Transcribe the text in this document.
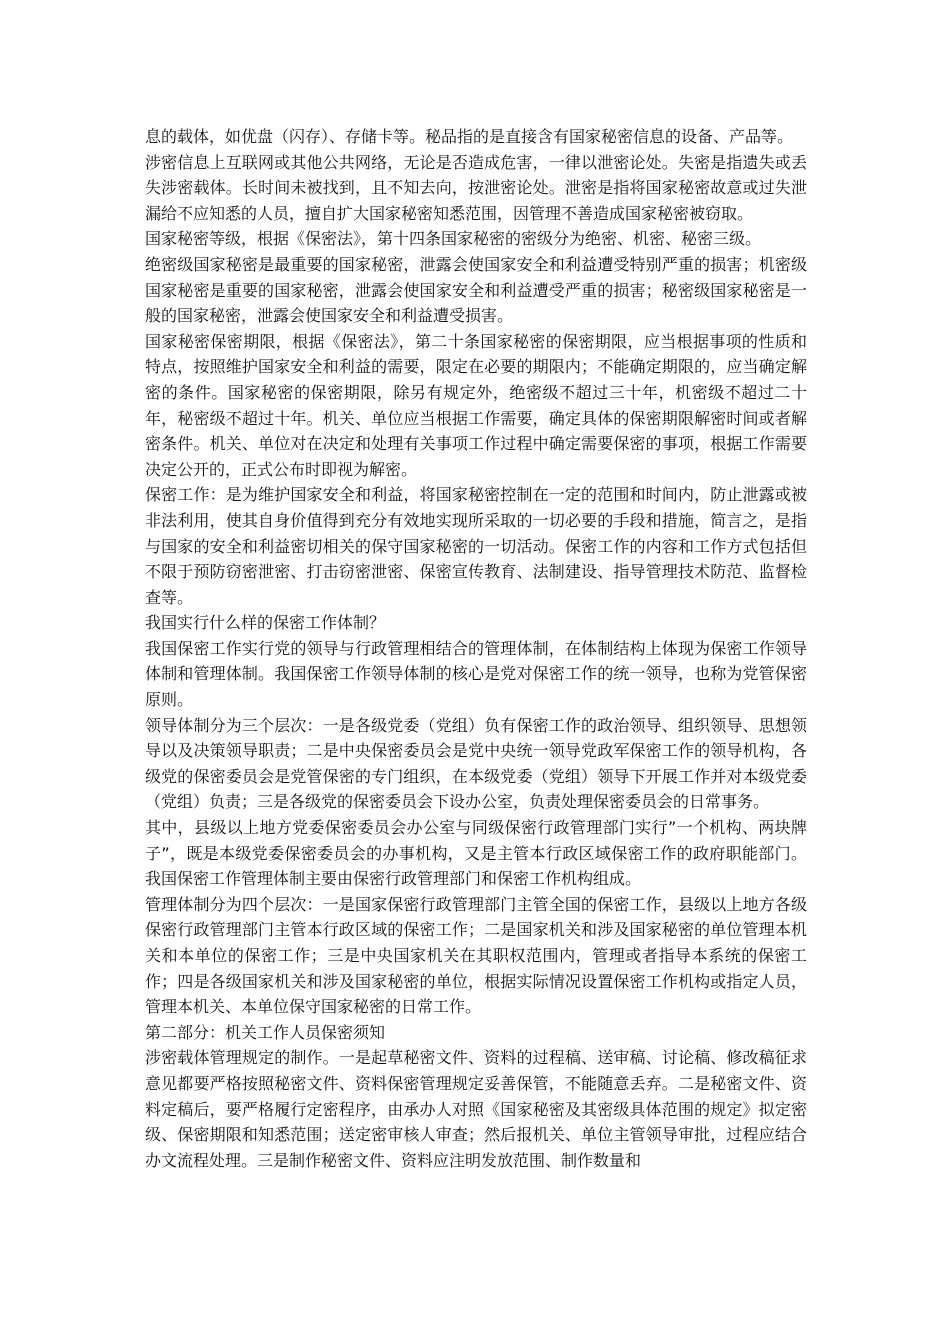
息的载体，如优盘（闪存）、存储卡等。秘品指的是直接含有国家秘密信息的设备、产品等。

涉密信息上互联网或其他公共网络，无论是否造成危害，一律以泄密论处。失密是指遗失或丢失涉密载体。长时间未被找到，且不知去向，按泄密论处。泄密是指将国家秘密故意或过失泄漏给不应知悉的人员，擅自扩大国家秘密知悉范围，因管理不善造成国家秘密被窃取。

国家秘密等级，根据《保密法》，第十四条国家秘密的密级分为绝密、机密、秘密三级。

绝密级国家秘密是最重要的国家秘密，泄露会使国家安全和利益遭受特别严重的损害；机密级国家秘密是重要的国家秘密，泄露会使国家安全和利益遭受严重的损害；秘密级国家秘密是一般的国家秘密，泄露会使国家安全和利益遭受损害。

国家秘密保密期限，根据《保密法》，第二十条国家秘密的保密期限，应当根据事项的性质和特点，按照维护国家安全和利益的需要，限定在必要的期限内；不能确定期限的，应当确定解密的条件。国家秘密的保密期限，除另有规定外，绝密级不超过三十年，机密级不超过二十年，秘密级不超过十年。机关、单位应当根据工作需要，确定具体的保密期限解密时间或者解密条件。机关、单位对在决定和处理有关事项工作过程中确定需要保密的事项，根据工作需要决定公开的，正式公布时即视为解密。

保密工作：是为维护国家安全和利益，将国家秘密控制在一定的范围和时间内，防止泄露或被非法利用，使其自身价值得到充分有效地实现所采取的一切必要的手段和措施，简言之，是指与国家的安全和利益密切相关的保守国家秘密的一切活动。保密工作的内容和工作方式包括但不限于预防窃密泄密、打击窃密泄密、保密宣传教育、法制建设、指导管理技术防范、监督检查等。

我国实行什么样的保密工作体制？

我国保密工作实行党的领导与行政管理相结合的管理体制，在体制结构上体现为保密工作领导体制和管理体制。我国保密工作领导体制的核心是党对保密工作的统一领导，也称为党管保密原则。

领导体制分为三个层次：一是各级党委（党组）负有保密工作的政治领导、组织领导、思想领导以及决策领导职责；二是中央保密委员会是党中央统一领导党政军保密工作的领导机构，各级党的保密委员会是党管保密的专门组织，在本级党委（党组）领导下开展工作并对本级党委（党组）负责；三是各级党的保密委员会下设办公室，负责处理保密委员会的日常事务。

其中，县级以上地方党委保密委员会办公室与同级保密行政管理部门实行”一个机构、两块牌子”，既是本级党委保密委员会的办事机构，又是主管本行政区域保密工作的政府职能部门。我国保密工作管理体制主要由保密行政管理部门和保密工作机构组成。

管理体制分为四个层次：一是国家保密行政管理部门主管全国的保密工作，县级以上地方各级保密行政管理部门主管本行政区域的保密工作；二是国家机关和涉及国家秘密的单位管理本机关和本单位的保密工作；三是中央国家机关在其职权范围内，管理或者指导本系统的保密工作；四是各级国家机关和涉及国家秘密的单位，根据实际情况设置保密工作机构或指定人员，管理本机关、本单位保守国家秘密的日常工作。

第二部分：机关工作人员保密须知

涉密载体管理规定的制作。一是起草秘密文件、资料的过程稿、送审稿、讨论稿、修改稿征求意见都要严格按照秘密文件、资料保密管理规定妥善保管，不能随意丢弃。二是秘密文件、资料定稿后，要严格履行定密程序，由承办人对照《国家秘密及其密级具体范围的规定》拟定密级、保密期限和知悉范围；送定密审核人审查；然后报机关、单位主管领导审批，过程应结合办文流程处理。三是制作秘密文件、资料应注明发放范围、制作数量和
